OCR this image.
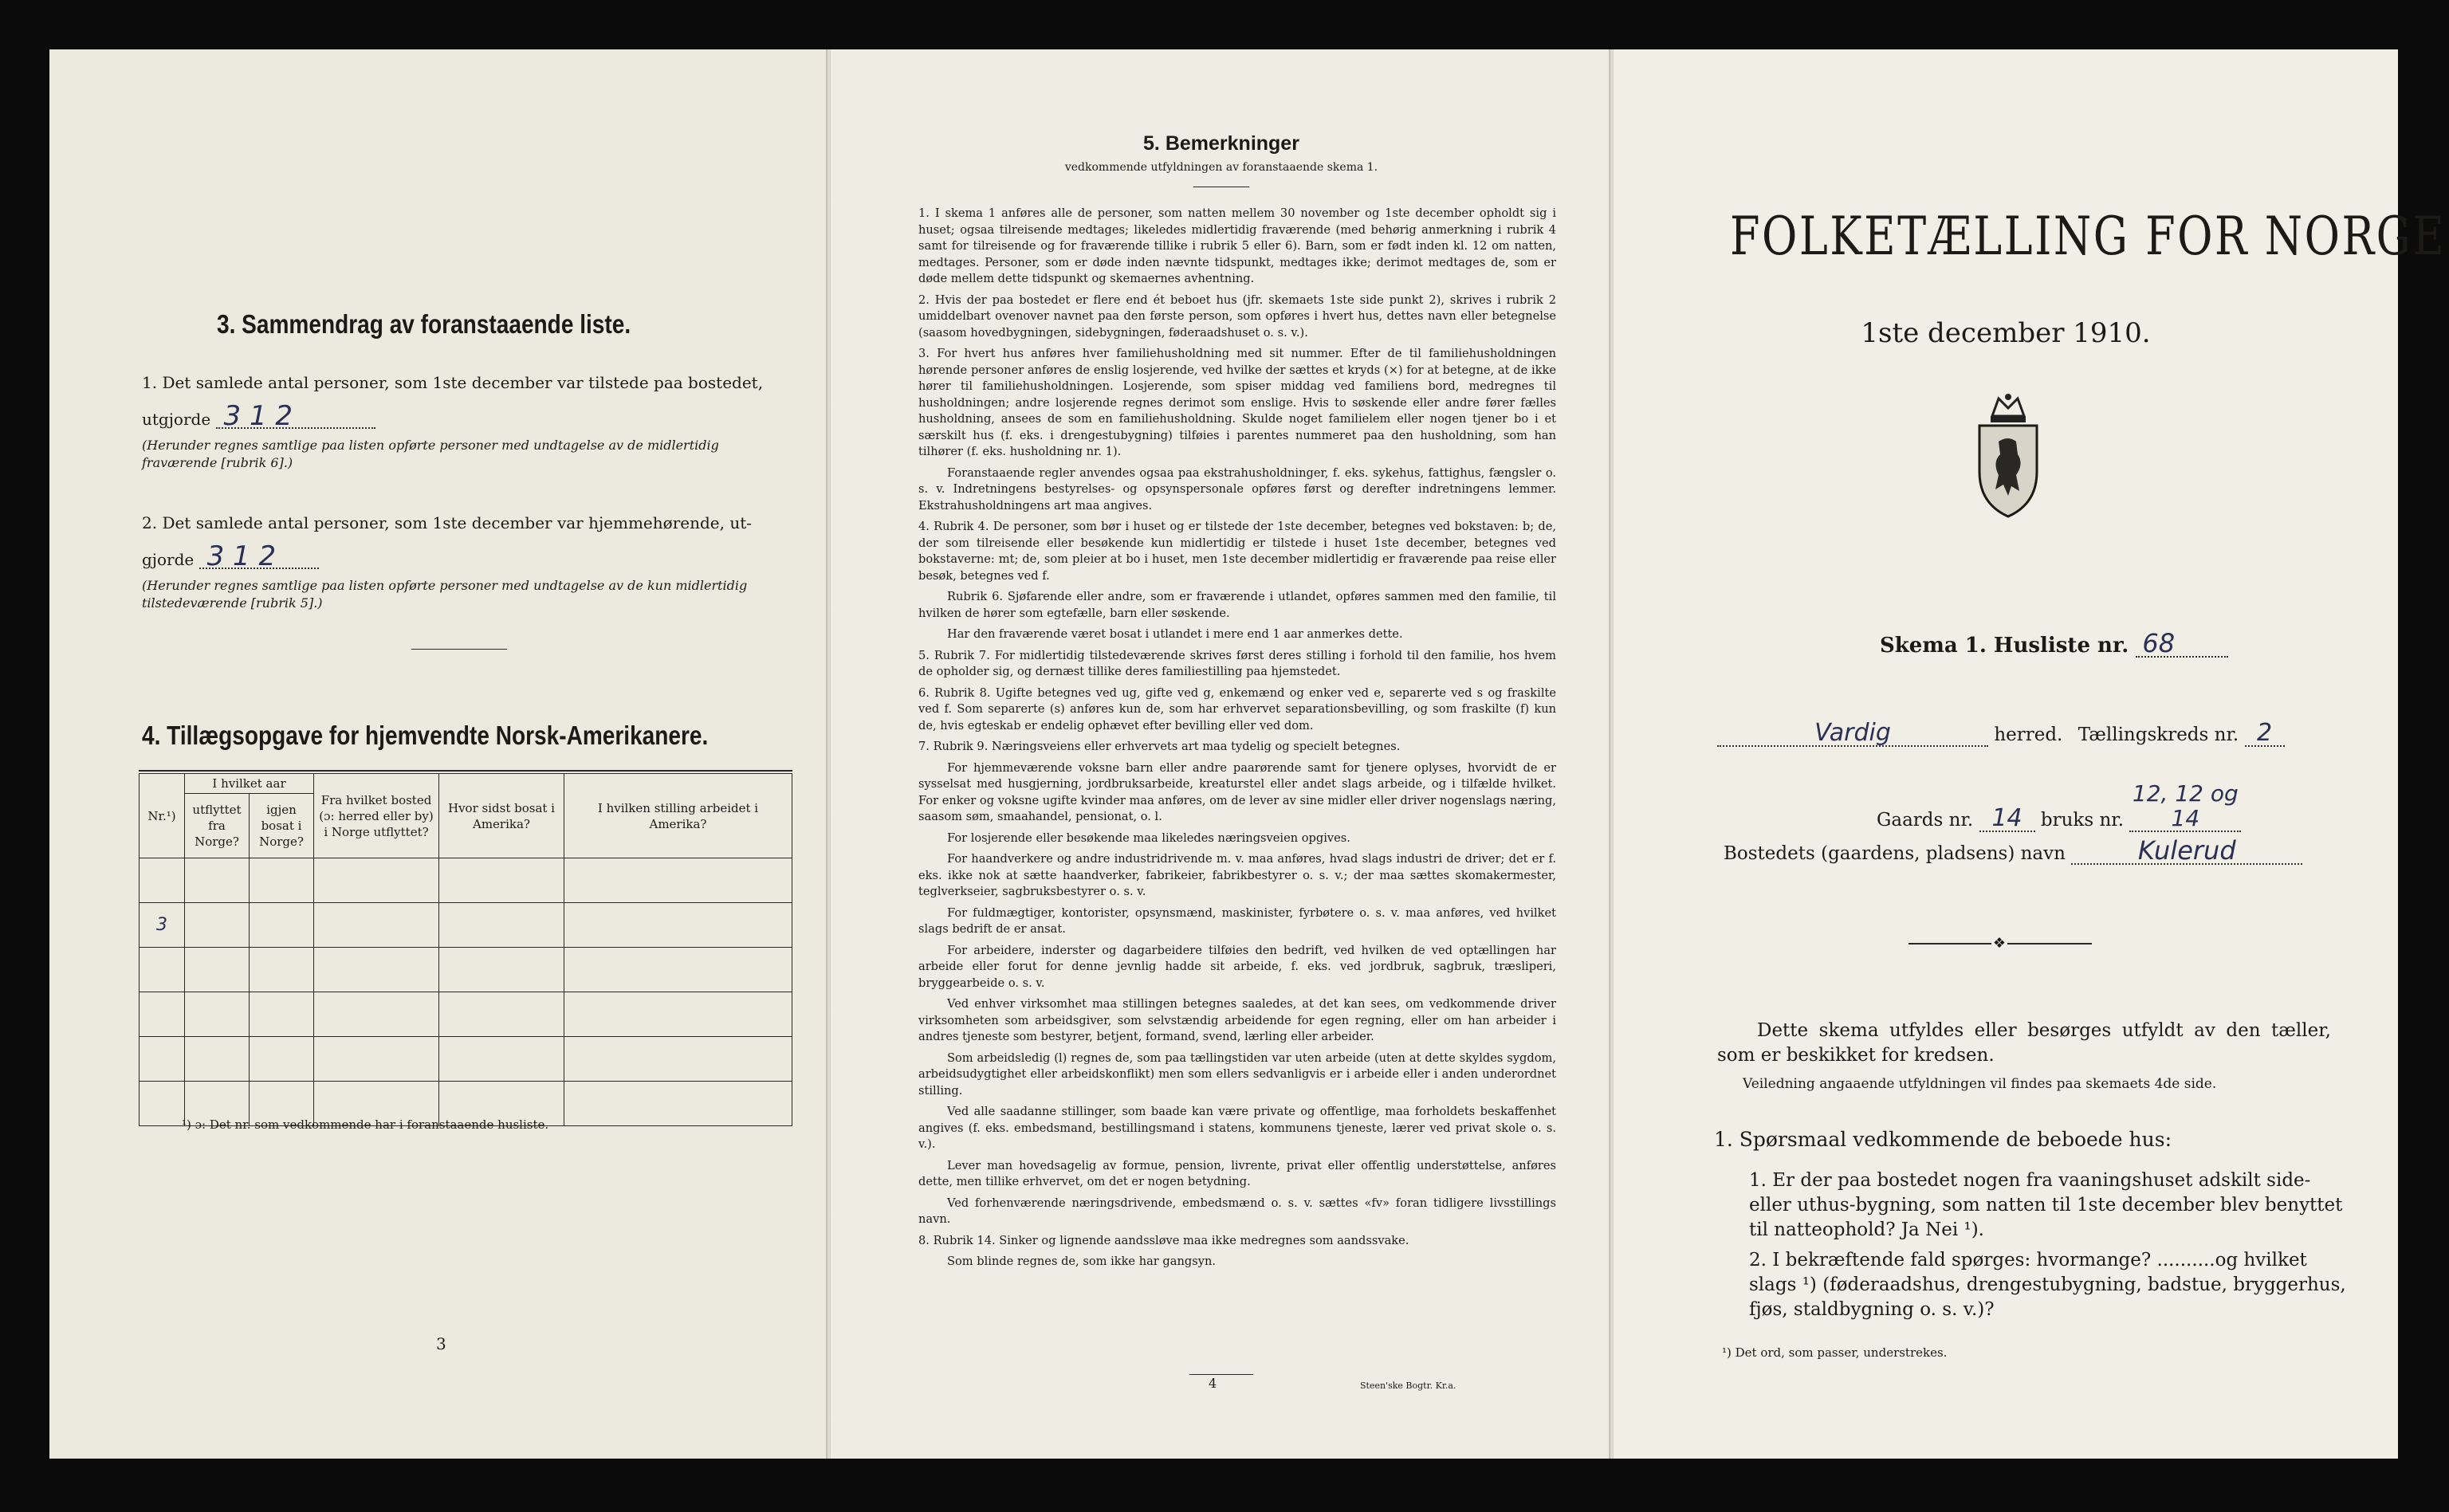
3. Sammendrag av foranstaaende liste.
1. Det samlede antal personer, som 1ste december var tilstede paa bostedet,
utgjorde 3 1 2
(Herunder regnes samtlige paa listen opførte personer med undtagelse av de midlertidig fraværende [rubrik 6].)
2. Det samlede antal personer, som 1ste december var hjemmehørende, ut-
gjorde 3 1 2
(Herunder regnes samtlige paa listen opførte personer med undtagelse av de kun midlertidig tilstedeværende [rubrik 5].)
4. Tillægsopgave for hjemvendte Norsk-Amerikanere.
Nr.¹)	I hvilket aar		Fra hvilket bosted (ɔ: herred eller by) i Norge utflyttet?	Hvor sidst bosat i Amerika?	I hvilken stilling arbeidet i Amerika?
	utflyttet fra Norge?	igjen bosat i Norge?			

3					

¹) ɔ: Det nr. som vedkommende har i foranstaaende husliste.
3
5. Bemerkninger
vedkommende utfyldningen av foranstaaende skema 1.

1. I skema 1 anføres alle de personer, som natten mellem 30 november og 1ste december opholdt sig i huset; ogsaa tilreisende medtages; likeledes midlertidig fraværende (med behørig anmerkning i rubrik 4 samt for tilreisende og for fraværende tillike i rubrik 5 eller 6). Barn, som er født inden kl. 12 om natten, medtages. Personer, som er døde inden nævnte tidspunkt, medtages ikke; derimot medtages de, som er døde mellem dette tidspunkt og skemaernes avhentning.

2. Hvis der paa bostedet er flere end ét beboet hus (jfr. skemaets 1ste side punkt 2), skrives i rubrik 2 umiddelbart ovenover navnet paa den første person, som opføres i hvert hus, dettes navn eller betegnelse (saasom hovedbygningen, sidebygningen, føderaadshuset o. s. v.).

3. For hvert hus anføres hver familiehusholdning med sit nummer. Efter de til familiehusholdningen hørende personer anføres de enslig losjerende, ved hvilke der sættes et kryds (×) for at betegne, at de ikke hører til familiehusholdningen. Losjerende, som spiser middag ved familiens bord, medregnes til husholdningen; andre losjerende regnes derimot som enslige. Hvis to søskende eller andre fører fælles husholdning, ansees de som en familiehusholdning. Skulde noget familielem eller nogen tjener bo i et særskilt hus (f. eks. i drengestubygning) tilføies i parentes nummeret paa den husholdning, som han tilhører (f. eks. husholdning nr. 1).

Foranstaaende regler anvendes ogsaa paa ekstrahusholdninger, f. eks. sykehus, fattighus, fængsler o. s. v. Indretningens bestyrelses- og opsynspersonale opføres først og derefter indretningens lemmer. Ekstrahusholdningens art maa angives.

4. Rubrik 4. De personer, som bør i huset og er tilstede der 1ste december, betegnes ved bokstaven: b; de, der som tilreisende eller besøkende kun midlertidig er tilstede i huset 1ste december, betegnes ved bokstaverne: mt; de, som pleier at bo i huset, men 1ste december midlertidig er fraværende paa reise eller besøk, betegnes ved f.

Rubrik 6. Sjøfarende eller andre, som er fraværende i utlandet, opføres sammen med den familie, til hvilken de hører som egtefælle, barn eller søskende.

Har den fraværende været bosat i utlandet i mere end 1 aar anmerkes dette.

5. Rubrik 7. For midlertidig tilstedeværende skrives først deres stilling i forhold til den familie, hos hvem de opholder sig, og dernæst tillike deres familiestilling paa hjemstedet.

6. Rubrik 8. Ugifte betegnes ved ug, gifte ved g, enkemænd og enker ved e, separerte ved s og fraskilte ved f. Som separerte (s) anføres kun de, som har erhvervet separationsbevilling, og som fraskilte (f) kun de, hvis egteskab er endelig ophævet efter bevilling eller ved dom.

7. Rubrik 9. Næringsveiens eller erhvervets art maa tydelig og specielt betegnes.

For hjemmeværende voksne barn eller andre paarørende samt for tjenere oplyses, hvorvidt de er sysselsat med husgjerning, jordbruksarbeide, kreaturstel eller andet slags arbeide, og i tilfælde hvilket. For enker og voksne ugifte kvinder maa anføres, om de lever av sine midler eller driver nogenslags næring, saasom søm, smaahandel, pensionat, o. l.

For losjerende eller besøkende maa likeledes næringsveien opgives.

For haandverkere og andre industridrivende m. v. maa anføres, hvad slags industri de driver; det er f. eks. ikke nok at sætte haandverker, fabrikeier, fabrikbestyrer o. s. v.; der maa sættes skomakermester, teglverkseier, sagbruksbestyrer o. s. v.

For fuldmægtiger, kontorister, opsynsmænd, maskinister, fyrbøtere o. s. v. maa anføres, ved hvilket slags bedrift de er ansat.

For arbeidere, inderster og dagarbeidere tilføies den bedrift, ved hvilken de ved optællingen har arbeide eller forut for denne jevnlig hadde sit arbeide, f. eks. ved jordbruk, sagbruk, træsliperi, bryggearbeide o. s. v.

Ved enhver virksomhet maa stillingen betegnes saaledes, at det kan sees, om vedkommende driver virksomheten som arbeidsgiver, som selvstændig arbeidende for egen regning, eller om han arbeider i andres tjeneste som bestyrer, betjent, formand, svend, lærling eller arbeider.

Som arbeidsledig (l) regnes de, som paa tællingstiden var uten arbeide (uten at dette skyldes sygdom, arbeidsudygtighet eller arbeidskonflikt) men som ellers sedvanligvis er i arbeide eller i anden underordnet stilling.

Ved alle saadanne stillinger, som baade kan være private og offentlige, maa forholdets beskaffenhet angives (f. eks. embedsmand, bestillingsmand i statens, kommunens tjeneste, lærer ved privat skole o. s. v.).

Lever man hovedsagelig av formue, pension, livrente, privat eller offentlig understøttelse, anføres dette, men tillike erhvervet, om det er nogen betydning.

Ved forhenværende næringsdrivende, embedsmænd o. s. v. sættes «fv» foran tidligere livsstillings navn.

8. Rubrik 14. Sinker og lignende aandssløve maa ikke medregnes som aandssvake.

Som blinde regnes de, som ikke har gangsyn.

4	Steen'ske Bogtr. Kr.a.
FOLKETÆLLING FOR NORGE
1ste december 1910.
Skema 1. Husliste nr. 68
Vardig	herred. Tællingskreds nr. 2
Gaards nr. 14 bruks nr. 12, 12 og 14
Bostedets (gaardens, pladsens) navn	Kulerud
❖
Dette skema utfyldes eller besørges utfyldt av den tæller, som er beskikket for kredsen.
Veiledning angaaende utfyldningen vil findes paa skemaets 4de side.
1. Spørsmaal vedkommende de beboede hus:
1. Er der paa bostedet nogen fra vaaningshuset adskilt side- eller uthus-bygning, som natten til 1ste december blev benyttet til natteophold? Ja Nei ¹).
2. I bekræftende fald spørges: hvormange? ..........og hvilket slags ¹) (føderaadshus, drengestubygning, badstue, bryggerhus, fjøs, staldbygning o. s. v.)?
¹) Det ord, som passer, understrekes.
